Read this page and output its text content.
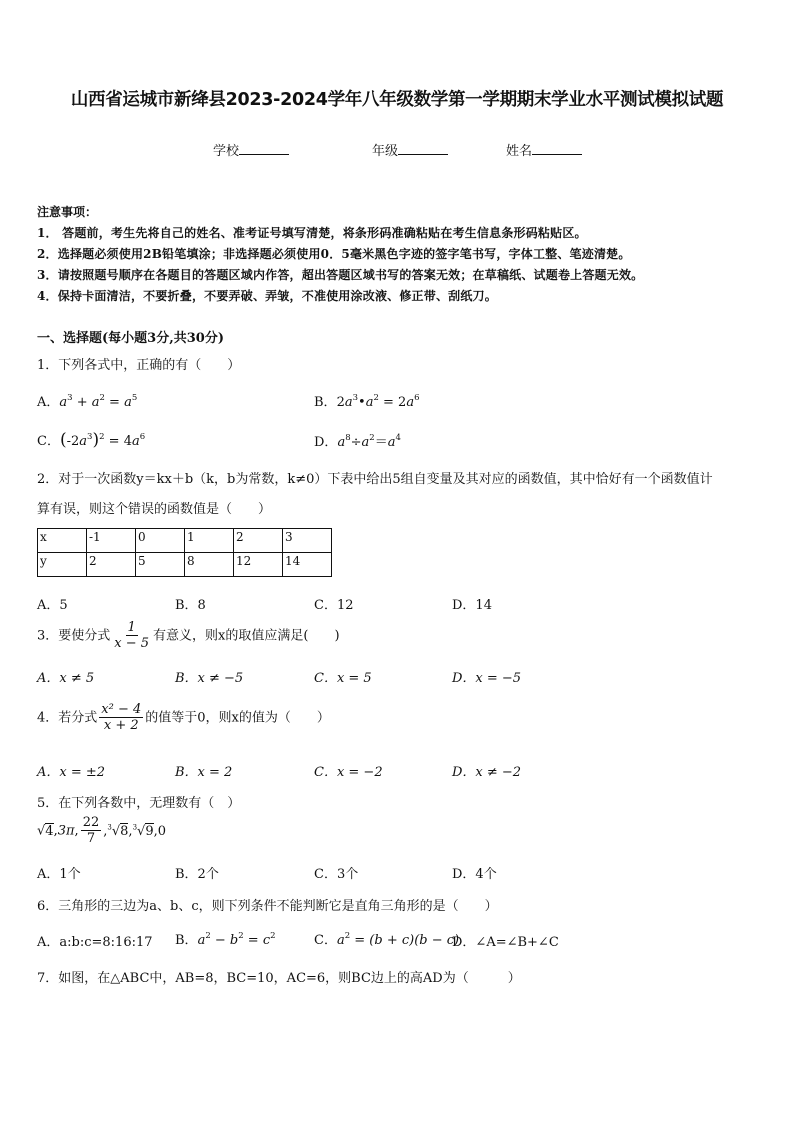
山西省运城市新绛县2023-2024学年八年级数学第一学期期末学业水平测试模拟试题
学校	年级	姓名
注意事项：
1． 答题前，考生先将自己的姓名、准考证号填写清楚，将条形码准确粘贴在考生信息条形码粘贴区。
2．选择题必须使用2B铅笔填涂；非选择题必须使用0．5毫米黑色字迹的签字笔书写，字体工整、笔迹清楚。
3．请按照题号顺序在各题目的答题区域内作答，超出答题区域书写的答案无效；在草稿纸、试题卷上答题无效。
4．保持卡面清洁，不要折叠，不要弄破、弄皱，不准使用涂改液、修正带、刮纸刀。
一、选择题(每小题3分,共30分)
1．下列各式中，正确的有（　　）
A．$a^3 + a^2 = a^5$	B．$2a^3•a^2 = 2a^6$
C．$(-2a^3)^2 = 4a^6$	D．$a^8\div a^2=a^4$
2．对于一次函数y＝kx＋b（k，b为常数，k≠0）下表中给出5组自变量及其对应的函数值，其中恰好有一个函数值计
算有误，则这个错误的函数值是（　　）
x	-1	0	1	2	3
y	2	5	8	12	14
A．5	B．8	C．12	D．14
3．要使分式 $\frac{1}{x - 5}$ 有意义，则x的取值应满足(　　)
A．x ≠ 5	B．x ≠ −5	C．x = 5	D．x = −5
4．若分式 $\frac{\text{x² − 4}}{x + 2}$ 的值等于0，则x的值为（　　）
A．x = ±2	B．x = 2	C．x = −2	D．x ≠ −2
5．在下列各数中，无理数有（　）
√4,3π, $\frac{22}{7} ,^3√8,^3√9,0$
A．1个	B．2个	C．3个	D．4个
6．三角形的三边为a、b、c，则下列条件不能判断它是直角三角形的是（　　）
A．a:b:c=8:16:17 B．$a^2 - b^2 = c^2$	C．$a^2 = (b + c)(b - c)$
D．∠A=∠B+∠C
7．如图，在△ABC中，AB=8，BC=10，AC=6，则BC边上的高AD为（　　　）
